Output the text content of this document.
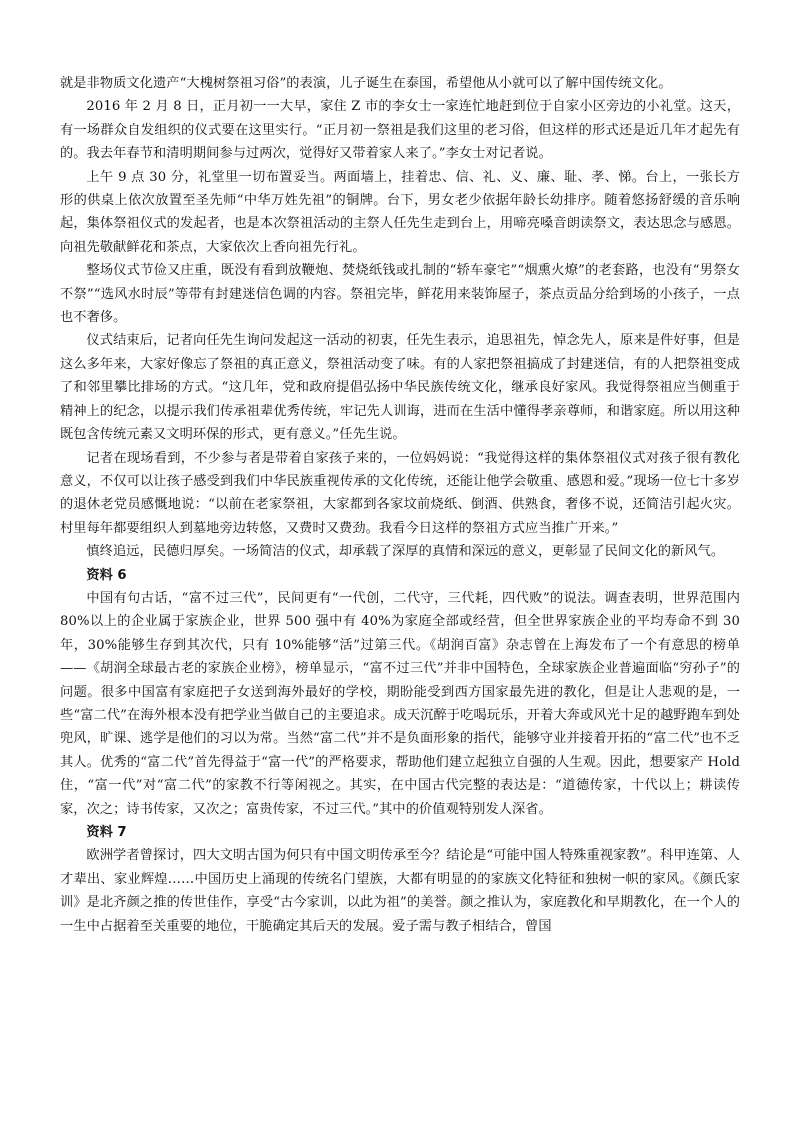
就是非物质文化遗产“大槐树祭祖习俗”的表演，儿子诞生在泰国，希望他从小就可以了解中国传统文化。

2016 年 2 月 8 日，正月初一一大早，家住 Z 市的李女士一家连忙地赶到位于自家小区旁边的小礼堂。这天，有一场群众自发组织的仪式要在这里实行。“正月初一祭祖是我们这里的老习俗，但这样的形式还是近几年才起先有的。我去年春节和清明期间参与过两次，觉得好又带着家人来了。”李女士对记者说。

上午 9 点 30 分，礼堂里一切布置妥当。两面墙上，挂着忠、信、礼、义、廉、耻、孝、悌。台上，一张长方形的供桌上依次放置至圣先师“中华万姓先祖”的铜牌。台下，男女老少依据年龄长幼排序。随着悠扬舒缓的音乐响起，集体祭祖仪式的发起者，也是本次祭祖活动的主祭人任先生走到台上，用啼亮嗓音朗读祭文，表达思念与感恩。向祖先敬献鲜花和茶点，大家依次上香向祖先行礼。

整场仪式节俭又庄重，既没有看到放鞭炮、焚烧纸钱或扎制的“轿车豪宅”“烟熏火燎”的老套路，也没有“男祭女不祭”“选风水时辰”等带有封建迷信色调的内容。祭祖完毕，鲜花用来装饰屋子，茶点贡品分给到场的小孩子，一点也不奢侈。

仪式结束后，记者向任先生询问发起这一活动的初衷，任先生表示，追思祖先，悼念先人，原来是件好事，但是这么多年来，大家好像忘了祭祖的真正意义，祭祖活动变了味。有的人家把祭祖搞成了封建迷信，有的人把祭祖变成了和邻里攀比排场的方式。“这几年，党和政府提倡弘扬中华民族传统文化，继承良好家风。我觉得祭祖应当侧重于精神上的纪念，以提示我们传承祖辈优秀传统，牢记先人训诲，进而在生活中懂得孝亲尊师，和谐家庭。所以用这种既包含传统元素又文明环保的形式，更有意义。”任先生说。

记者在现场看到，不少参与者是带着自家孩子来的，一位妈妈说：“我觉得这样的集体祭祖仪式对孩子很有教化意义，不仅可以让孩子感受到我们中华民族重视传承的文化传统，还能让他学会敬重、感恩和爱。”现场一位七十多岁的退休老党员感慨地说：“以前在老家祭祖，大家都到各家坟前烧纸、倒酒、供熟食，奢侈不说，还简洁引起火灾。村里每年都要组织人到墓地旁边转悠，又费时又费劲。我看今日这样的祭祖方式应当推广开来。”

慎终追远，民德归厚矣。一场简洁的仪式，却承载了深厚的真情和深远的意义，更彰显了民间文化的新风气。

资料 6

中国有句古话，“富不过三代”，民间更有“一代创，二代守，三代耗，四代败”的说法。调查表明，世界范围内 80%以上的企业属于家族企业，世界 500 强中有 40%为家庭全部或经营，但全世界家族企业的平均寿命不到 30 年，30%能够生存到其次代，只有 10%能够“活”过第三代。《胡润百富》杂志曾在上海发布了一个有意思的榜单——《胡润全球最古老的家族企业榜》，榜单显示，“富不过三代”并非中国特色，全球家族企业普遍面临“穷孙子”的问题。很多中国富有家庭把子女送到海外最好的学校，期盼能受到西方国家最先进的教化，但是让人悲观的是，一些“富二代”在海外根本没有把学业当做自己的主要追求。成天沉醉于吃喝玩乐，开着大奔或风光十足的越野跑车到处兜风，旷课、逃学是他们的习以为常。当然“富二代”并不是负面形象的指代，能够守业并接着开拓的“富二代”也不乏其人。优秀的“富二代”首先得益于“富一代”的严格要求，帮助他们建立起独立自强的人生观。因此，想要家产 Hold 住，“富一代”对“富二代”的家教不行等闲视之。其实，在中国古代完整的表达是：“道德传家，十代以上；耕读传家，次之；诗书传家，又次之；富贵传家，不过三代。”其中的价值观特别发人深省。

资料 7

欧洲学者曾探讨，四大文明古国为何只有中国文明传承至今？结论是“可能中国人特殊重视家教”。科甲连第、人才辈出、家业辉煌……中国历史上涌现的传统名门望族，大都有明显的的家族文化特征和独树一帜的家风。《颜氏家训》是北齐颜之推的传世佳作，享受“古今家训，以此为祖”的美誉。颜之推认为，家庭教化和早期教化，在一个人的一生中占据着至关重要的地位，干脆确定其后天的发展。爱子需与教子相结合，曾国
